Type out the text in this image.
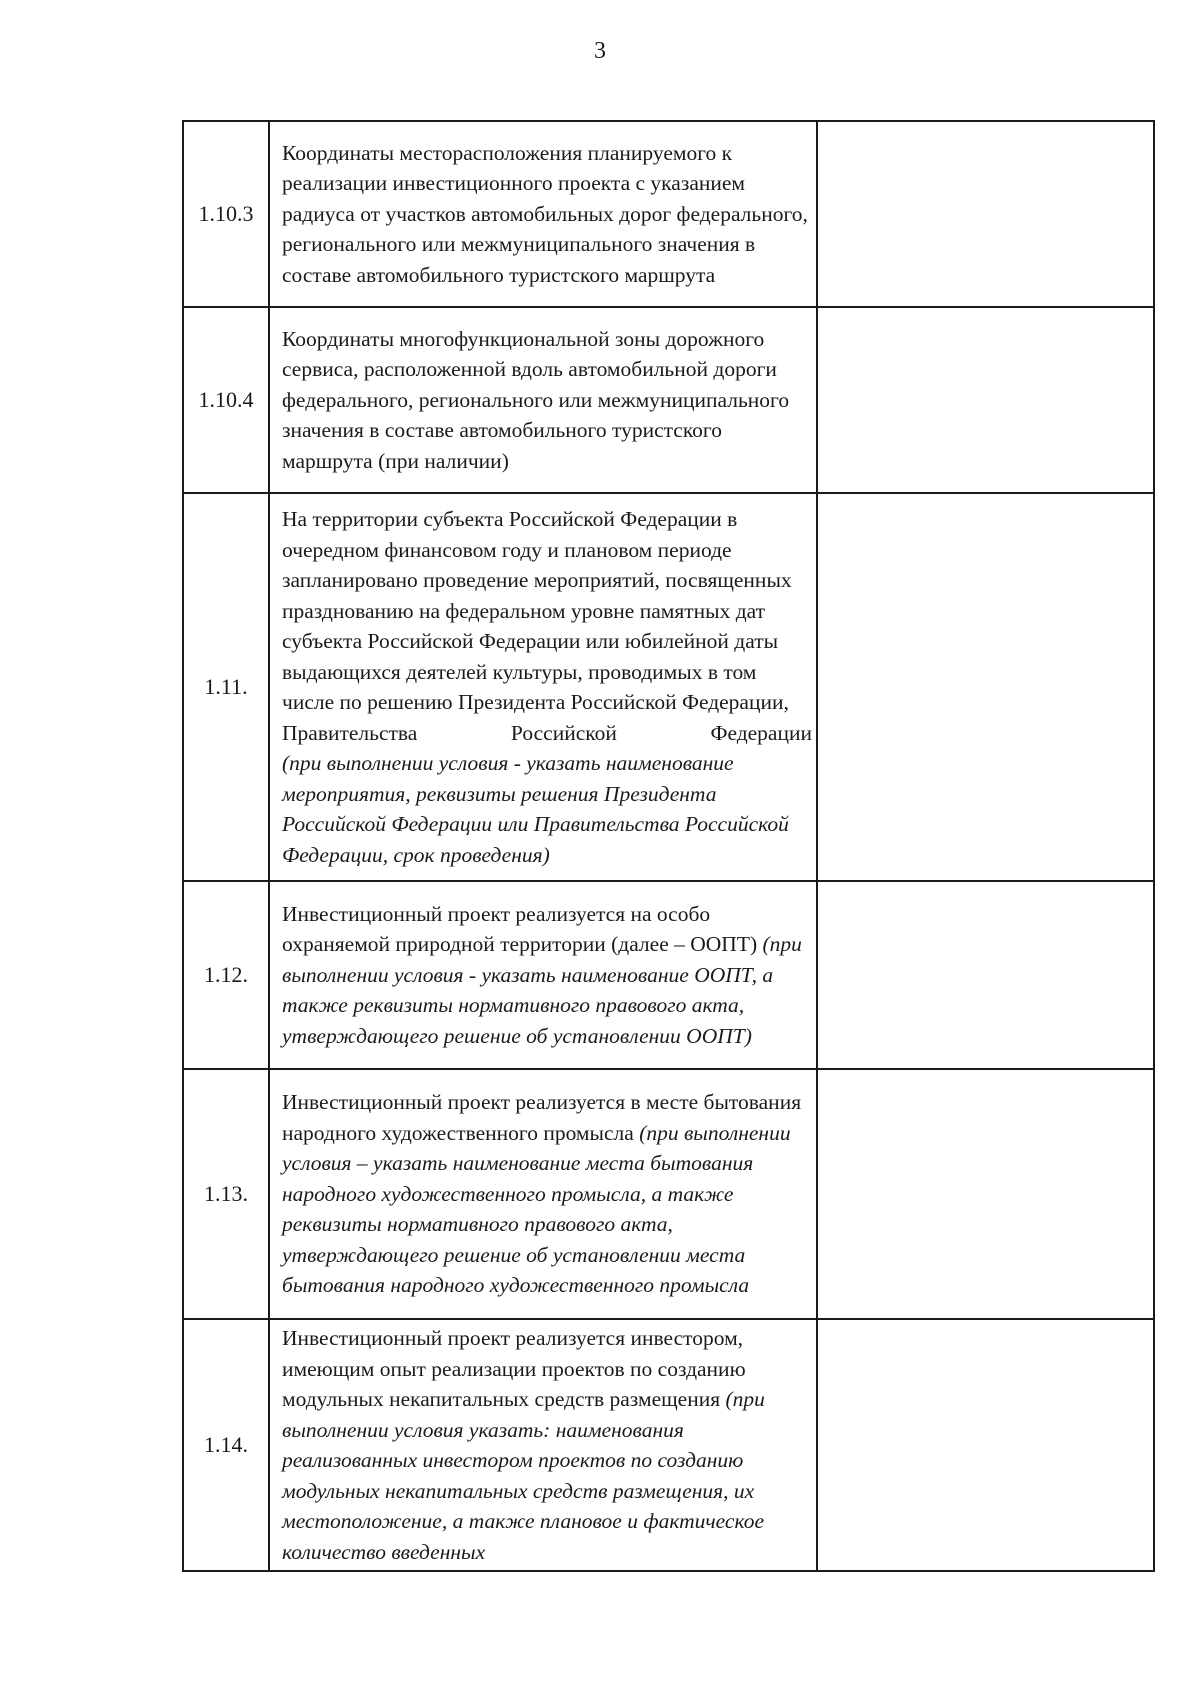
3
1.10.3	Координаты месторасположения планируемого к реализации инвестиционного проекта с указанием радиуса от участков автомобильных дорог федерального, регионального или межмуниципального значения в составе автомобильного туристского маршрута	
1.10.4	Координаты многофункциональной зоны дорожного сервиса, расположенной вдоль автомобильной дороги федерального, регионального или межмуниципального значения в составе автомобильного туристского маршрута (при наличии)	
1.11.	На территории субъекта Российской Федерации в очередном финансовом году и плановом периоде запланировано проведение мероприятий, посвященных празднованию на федеральном уровне памятных дат субъекта Российской Федерации или юбилейной даты выдающихся деятелей культуры, проводимых в том числе по решению Президента Российской Федерации,
Правительства Российской Федерации
(при выполнении условия - указать наименование мероприятия, реквизиты решения Президента Российской Федерации или Правительства Российской Федерации, срок проведения)	
1.12.	Инвестиционный проект реализуется на особо охраняемой природной территории (далее – ООПТ) (при выполнении условия - указать наименование ООПТ, а также реквизиты нормативного правового акта, утверждающего решение об установлении ООПТ)	
1.13.	Инвестиционный проект реализуется в месте бытования народного художественного промысла (при выполнении условия – указать наименование места бытования народного художественного промысла, а также реквизиты нормативного правового акта, утверждающего решение об установлении места бытования народного художественного промысла	
1.14.	Инвестиционный проект реализуется инвестором, имеющим опыт реализации проектов по созданию модульных некапитальных средств размещения (при выполнении условия указать: наименования реализованных инвестором проектов по созданию модульных некапитальных средств размещения, их местоположение, а также плановое и фактическое количество введенных	
